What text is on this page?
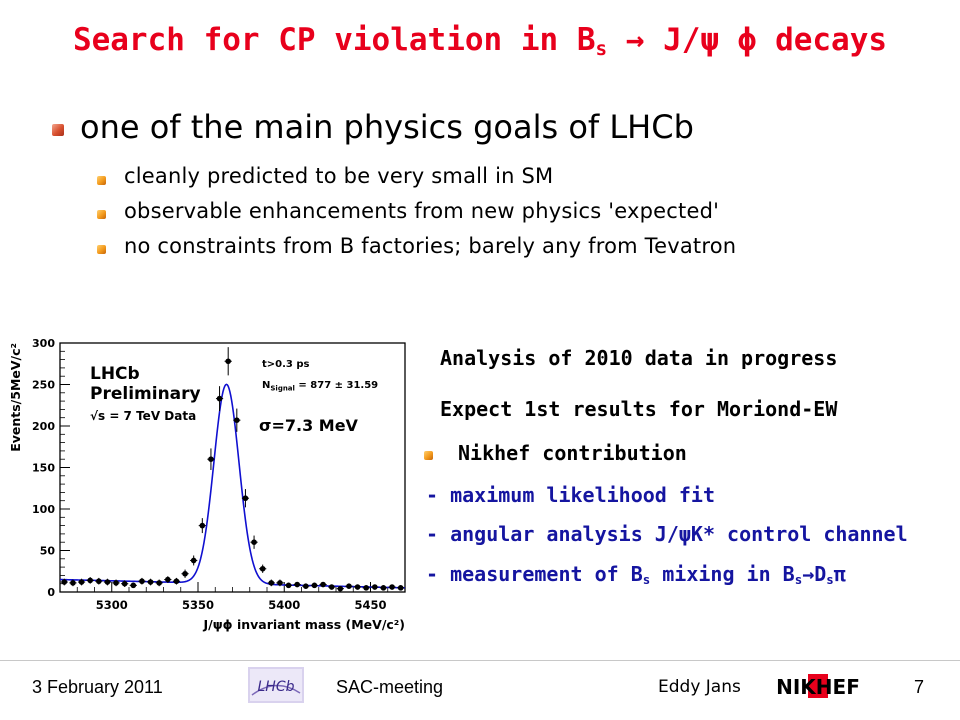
Search for CP violation in $B_s \to J/\psi$ ϕ decays
one of the main physics goals of LHCb
cleanly predicted to be very small in SM
observable enhancements from new physics 'expected'
no constraints from B factories; barely any from Tevatron
0
50
100
150
200
250
300
5300	5350	5400	5450
J/ψϕ invariant mass (MeV/c²)
Events/5MeV/c²	LHCb
Preliminary
√s = 7 TeV Data
t>0.3 ps
$N_{Signal} = 877 \pm 31.59$
σ=7.3 MeV
Analysis of 2010 data in progress
Expect 1st results for Moriond-EW
Nikhef contribution
- maximum likelihood fit
- angular analysis J/ψK* control channel
- measurement of $B_s$ mixing in $B_s\to D_s\pi$
3 February 2011	LHCb SAC-meeting	Eddy Jans NIKHEF	7
